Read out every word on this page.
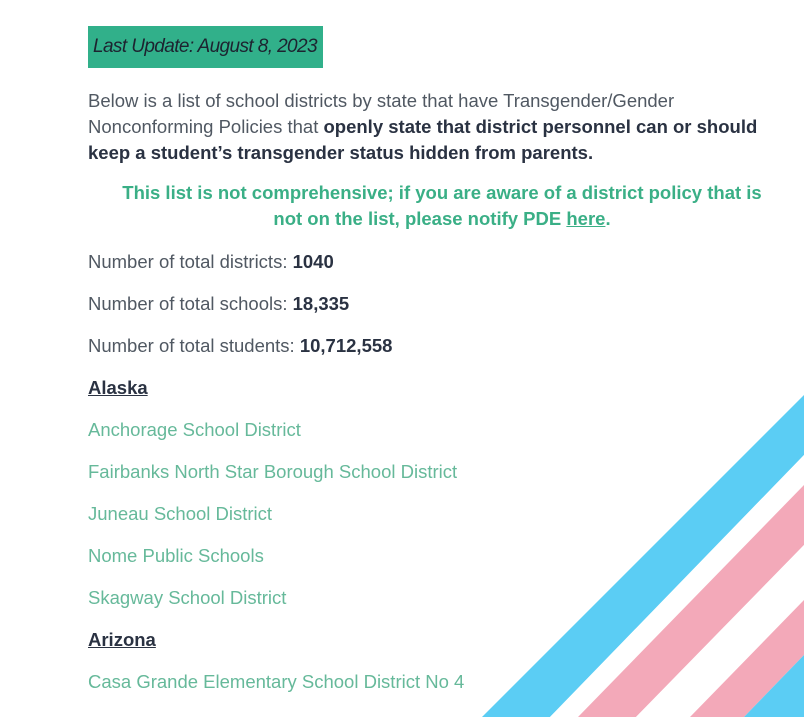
Last Update: August 8, 2023

Below is a list of school districts by state that have Transgender/Gender Nonconforming Policies that openly state that district personnel can or should keep a student’s transgender status hidden from parents.

This list is not comprehensive; if you are aware of a district policy that is not on the list, please notify PDE here.

Number of total districts: 1040

Number of total schools: 18,335

Number of total students: 10,712,558

Alaska
Anchorage School District
Fairbanks North Star Borough School District
Juneau School District
Nome Public Schools
Skagway School District
Arizona
Casa Grande Elementary School District No 4
